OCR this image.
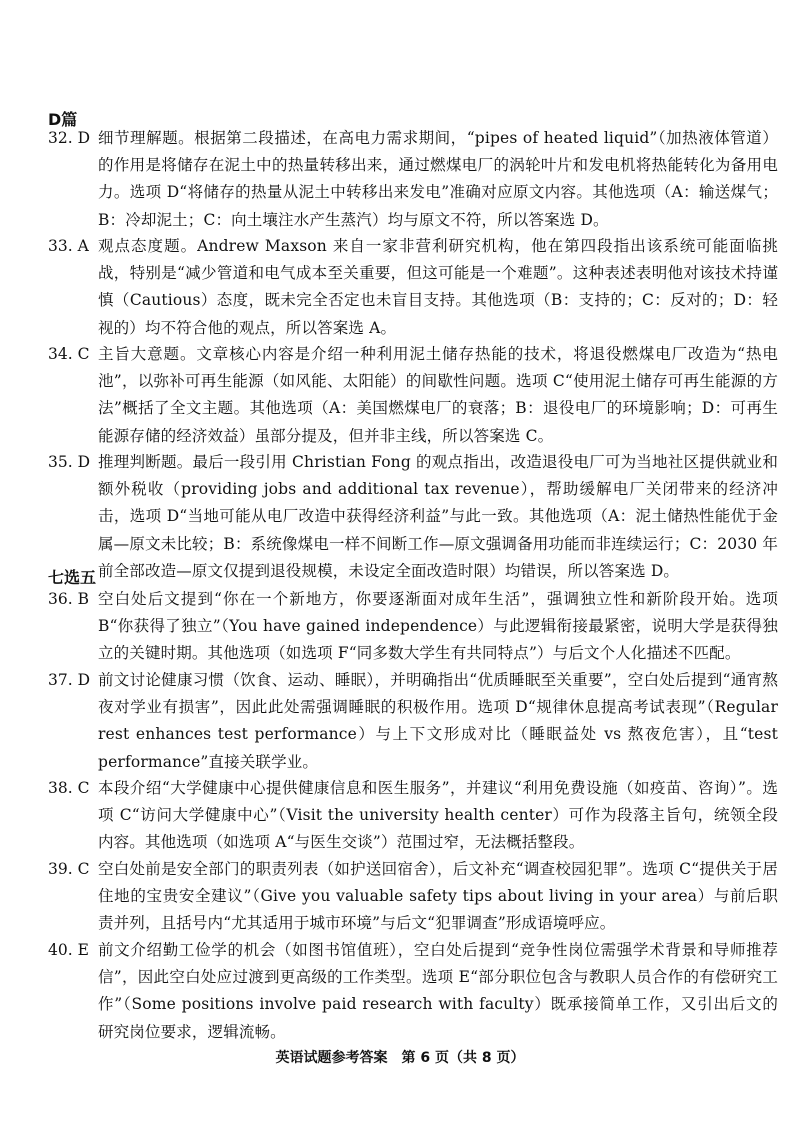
D篇
32. D 细节理解题。根据第二段描述，在高电力需求期间，“pipes of heated liquid”（加热液体管道）的作用是将储存在泥土中的热量转移出来，通过燃煤电厂的涡轮叶片和发电机将热能转化为备用电力。选项 D“将储存的热量从泥土中转移出来发电”准确对应原文内容。其他选项（A：输送煤气；B：冷却泥土；C：向土壤注水产生蒸汽）均与原文不符，所以答案选 D。
33. A 观点态度题。Andrew Maxson 来自一家非营利研究机构，他在第四段指出该系统可能面临挑战，特别是“减少管道和电气成本至关重要，但这可能是一个难题”。这种表述表明他对该技术持谨慎（Cautious）态度，既未完全否定也未盲目支持。其他选项（B：支持的；C：反对的；D：轻视的）均不符合他的观点，所以答案选 A。
34. C 主旨大意题。文章核心内容是介绍一种利用泥土储存热能的技术，将退役燃煤电厂改造为“热电池”，以弥补可再生能源（如风能、太阳能）的间歇性问题。选项 C“使用泥土储存可再生能源的方法”概括了全文主题。其他选项（A：美国燃煤电厂的衰落；B：退役电厂的环境影响；D：可再生能源存储的经济效益）虽部分提及，但并非主线，所以答案选 C。
35. D 推理判断题。最后一段引用 Christian Fong 的观点指出，改造退役电厂可为当地社区提供就业和额外税收（providing jobs and additional tax revenue），帮助缓解电厂关闭带来的经济冲击，选项 D“当地可能从电厂改造中获得经济利益”与此一致。其他选项（A：泥土储热性能优于金属—原文未比较；B：系统像煤电一样不间断工作—原文强调备用功能而非连续运行；C：2030 年前全部改造—原文仅提到退役规模，未设定全面改造时限）均错误，所以答案选 D。
七选五
36. B 空白处后文提到“你在一个新地方，你要逐渐面对成年生活”，强调独立性和新阶段开始。选项 B“你获得了独立”（You have gained independence）与此逻辑衔接最紧密，说明大学是获得独立的关键时期。其他选项（如选项 F“同多数大学生有共同特点”）与后文个人化描述不匹配。
37. D 前文讨论健康习惯（饮食、运动、睡眠），并明确指出“优质睡眠至关重要”，空白处后提到“通宵熬夜对学业有损害”，因此此处需强调睡眠的积极作用。选项 D“规律休息提高考试表现”（Regular rest enhances test performance）与上下文形成对比（睡眠益处 vs 熬夜危害），且“test performance”直接关联学业。
38. C 本段介绍“大学健康中心提供健康信息和医生服务”，并建议“利用免费设施（如疫苗、咨询）”。选项 C“访问大学健康中心”（Visit the university health center）可作为段落主旨句，统领全段内容。其他选项（如选项 A“与医生交谈”）范围过窄，无法概括整段。
39. C 空白处前是安全部门的职责列表（如护送回宿舍），后文补充“调查校园犯罪”。选项 C“提供关于居住地的宝贵安全建议”（Give you valuable safety tips about living in your area）与前后职责并列，且括号内“尤其适用于城市环境”与后文“犯罪调查”形成语境呼应。
40. E 前文介绍勤工俭学的机会（如图书馆值班），空白处后提到“竞争性岗位需强学术背景和导师推荐信”，因此空白处应过渡到更高级的工作类型。选项 E“部分职位包含与教职人员合作的有偿研究工作”（Some positions involve paid research with faculty）既承接简单工作，又引出后文的研究岗位要求，逻辑流畅。
英语试题参考答案　第 6 页（共 8 页）
